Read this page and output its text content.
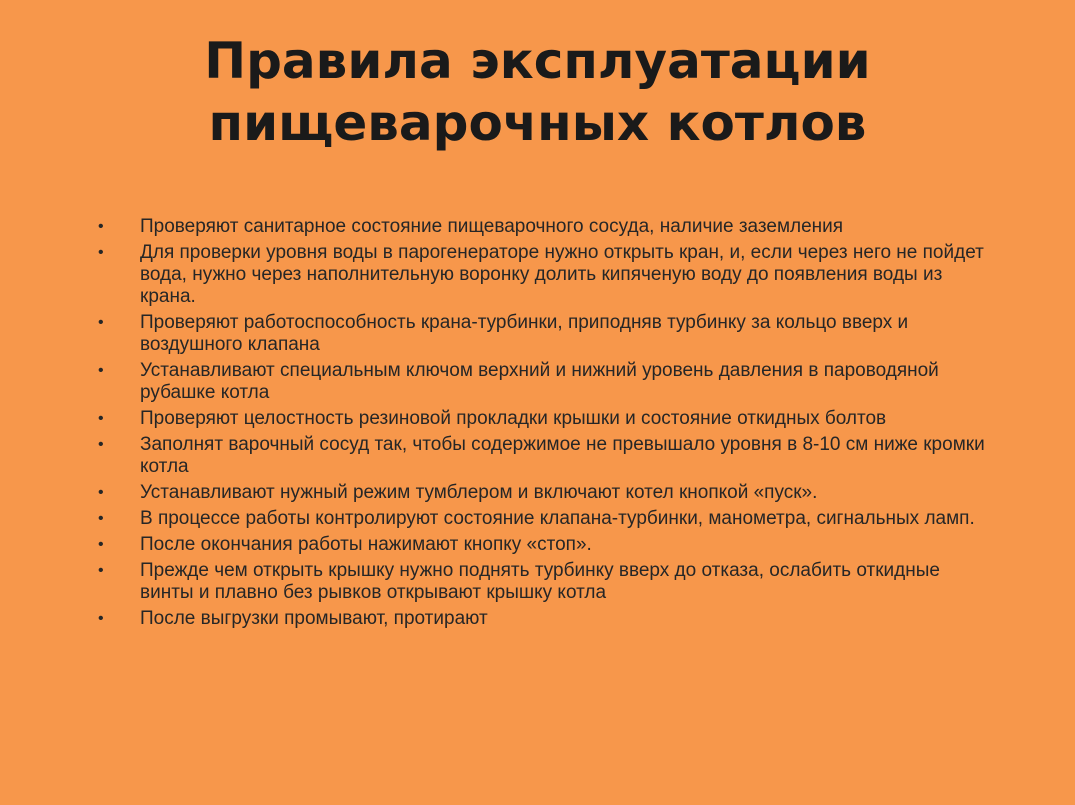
Правила эксплуатации
пищеварочных котлов
•	Проверяют санитарное состояние пищеварочного сосуда, наличие заземления
•	Для проверки уровня воды в парогенераторе нужно открыть кран, и, если через него не пойдет вода, нужно через наполнительную воронку долить кипяченую воду до появления воды из крана.
•	Проверяют работоспособность крана-турбинки, приподняв турбинку за кольцо вверх и воздушного клапана
•	Устанавливают специальным ключом верхний и нижний уровень давления в пароводяной рубашке котла
•	Проверяют целостность резиновой прокладки крышки и состояние откидных болтов
•	Заполнят варочный сосуд так, чтобы содержимое не превышало уровня в 8-10 см ниже кромки котла
•	Устанавливают нужный режим тумблером и включают котел кнопкой «пуск».
•	В процессе работы контролируют состояние клапана-турбинки, манометра, сигнальных ламп.
•	После окончания работы нажимают кнопку «стоп».
•	Прежде чем открыть крышку нужно поднять турбинку вверх до отказа, ослабить откидные винты и плавно без рывков открывают крышку котла
•	После выгрузки промывают, протирают
